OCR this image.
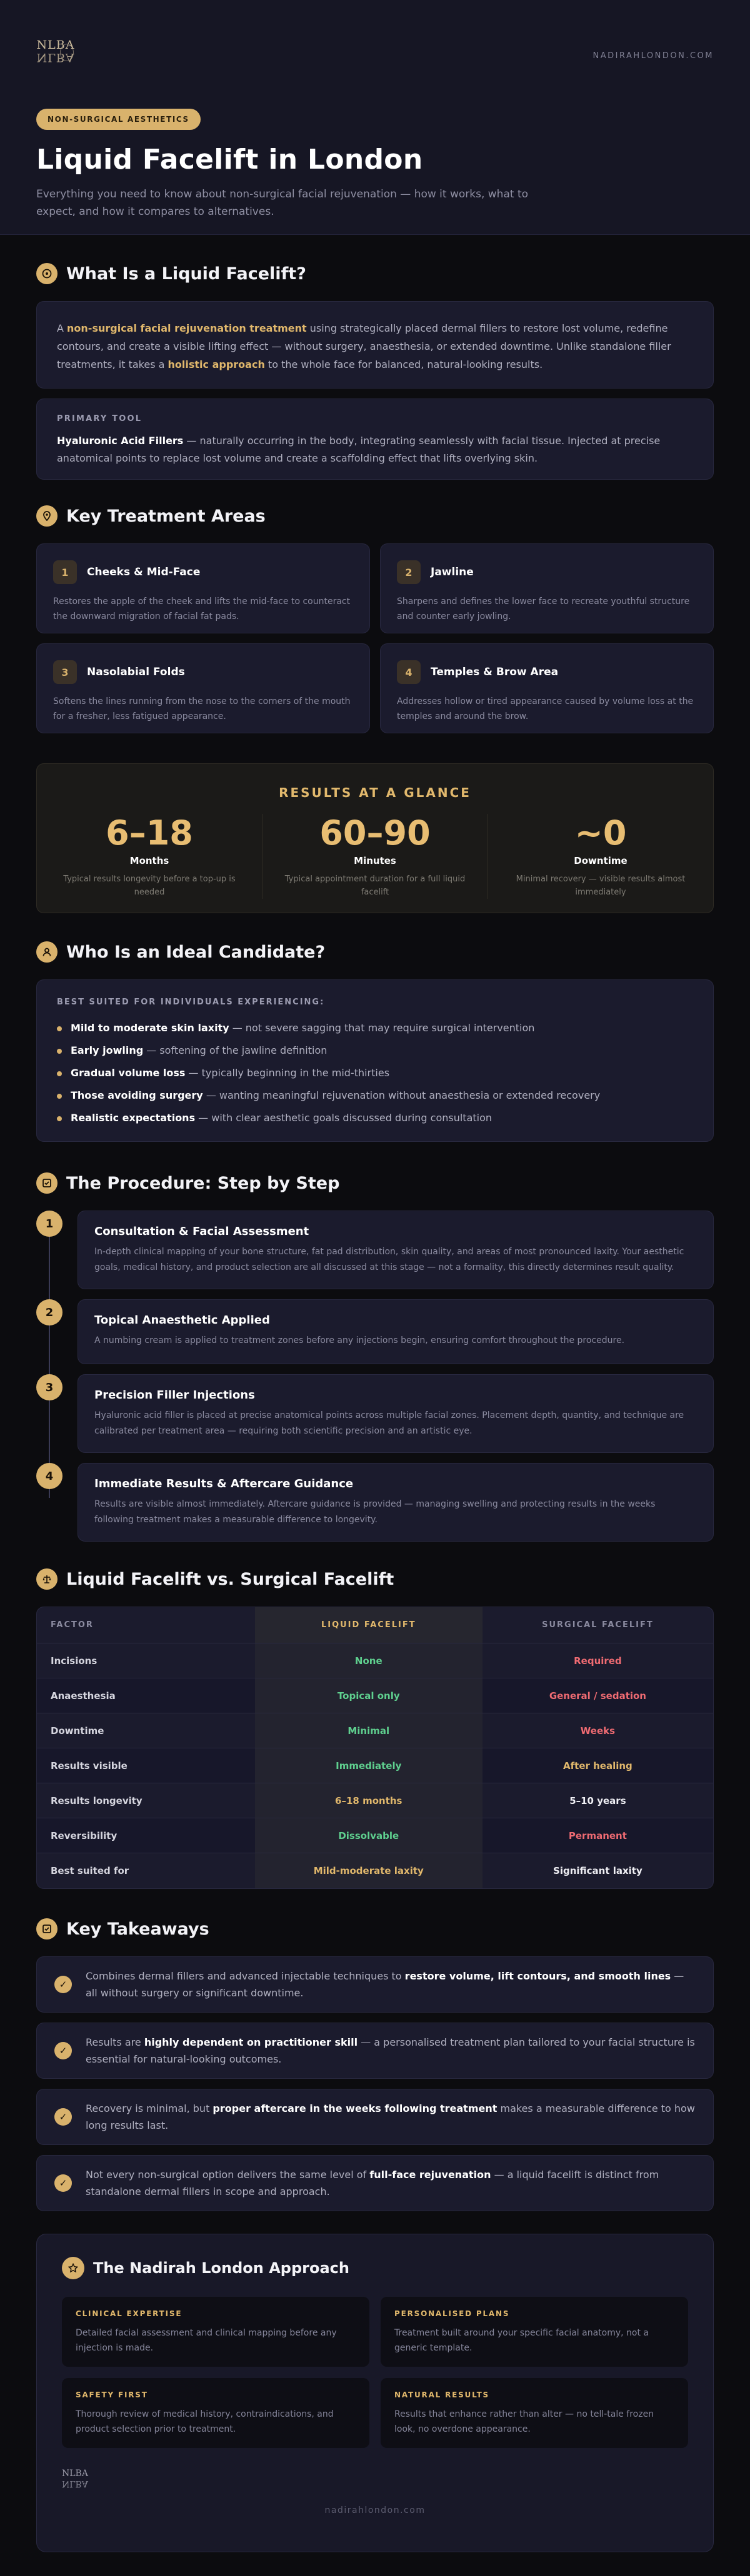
NLBA
NLBA	NADIRAHLONDON.COM
NON-SURGICAL AESTHETICS
Liquid Facelift in London

Everything you need to know about non-surgical facial rejuvenation — how it works, what to expect, and how it compares to alternatives.

What Is a Liquid Facelift?
A non-surgical facial rejuvenation treatment using strategically placed dermal fillers to restore lost volume, redefine contours, and create a visible lifting effect — without surgery, anaesthesia, or extended downtime. Unlike standalone filler treatments, it takes a holistic approach to the whole face for balanced, natural-looking results.
PRIMARY TOOL
Hyaluronic Acid Fillers — naturally occurring in the body, integrating seamlessly with facial tissue. Injected at precise anatomical points to replace lost volume and create a scaffolding effect that lifts overlying skin.
Key Treatment Areas
1	Cheeks & Mid-Face
Restores the apple of the cheek and lifts the mid-face to counteract the downward migration of facial fat pads.
2	Jawline
Sharpens and defines the lower face to recreate youthful structure and counter early jowling.
3	Nasolabial Folds
Softens the lines running from the nose to the corners of the mouth for a fresher, less fatigued appearance.
4	Temples & Brow Area
Addresses hollow or tired appearance caused by volume loss at the temples and around the brow.
RESULTS AT A GLANCE
6–18
Months
Typical results longevity before a top-up is needed
60–90
Minutes
Typical appointment duration for a full liquid facelift
~0
Downtime
Minimal recovery — visible results almost immediately
Who Is an Ideal Candidate?
BEST SUITED FOR INDIVIDUALS EXPERIENCING:
Mild to moderate skin laxity — not severe sagging that may require surgical intervention
Early jowling — softening of the jawline definition
Gradual volume loss — typically beginning in the mid-thirties
Those avoiding surgery — wanting meaningful rejuvenation without anaesthesia or extended recovery
Realistic expectations — with clear aesthetic goals discussed during consultation
The Procedure: Step by Step
1
Consultation & Facial Assessment
In-depth clinical mapping of your bone structure, fat pad distribution, skin quality, and areas of most pronounced laxity. Your aesthetic goals, medical history, and product selection are all discussed at this stage — not a formality, this directly determines result quality.
2
Topical Anaesthetic Applied
A numbing cream is applied to treatment zones before any injections begin, ensuring comfort throughout the procedure.
3
Precision Filler Injections
Hyaluronic acid filler is placed at precise anatomical points across multiple facial zones. Placement depth, quantity, and technique are calibrated per treatment area — requiring both scientific precision and an artistic eye.
4
Immediate Results & Aftercare Guidance
Results are visible almost immediately. Aftercare guidance is provided — managing swelling and protecting results in the weeks following treatment makes a measurable difference to longevity.
Liquid Facelift vs. Surgical Facelift
FACTOR	LIQUID FACELIFT	SURGICAL FACELIFT
Incisions	None	Required
Anaesthesia	Topical only	General / sedation
Downtime	Minimal	Weeks
Results visible	Immediately	After healing
Results longevity	6–18 months	5–10 years
Reversibility	Dissolvable	Permanent
Best suited for	Mild-moderate laxity	Significant laxity
Key Takeaways
✓
Combines dermal fillers and advanced injectable techniques to restore volume, lift contours, and smooth lines — all without surgery or significant downtime.
✓
Results are highly dependent on practitioner skill — a personalised treatment plan tailored to your facial structure is essential for natural-looking outcomes.
✓
Recovery is minimal, but proper aftercare in the weeks following treatment makes a measurable difference to how long results last.
✓
Not every non-surgical option delivers the same level of full-face rejuvenation — a liquid facelift is distinct from standalone dermal fillers in scope and approach.
The Nadirah London Approach
CLINICAL EXPERTISE
Detailed facial assessment and clinical mapping before any injection is made.
PERSONALISED PLANS
Treatment built around your specific facial anatomy, not a generic template.
SAFETY FIRST
Thorough review of medical history, contraindications, and product selection prior to treatment.
NATURAL RESULTS
Results that enhance rather than alter — no tell-tale frozen look, no overdone appearance.
NLBA
NLBA
nadirahlondon.com
